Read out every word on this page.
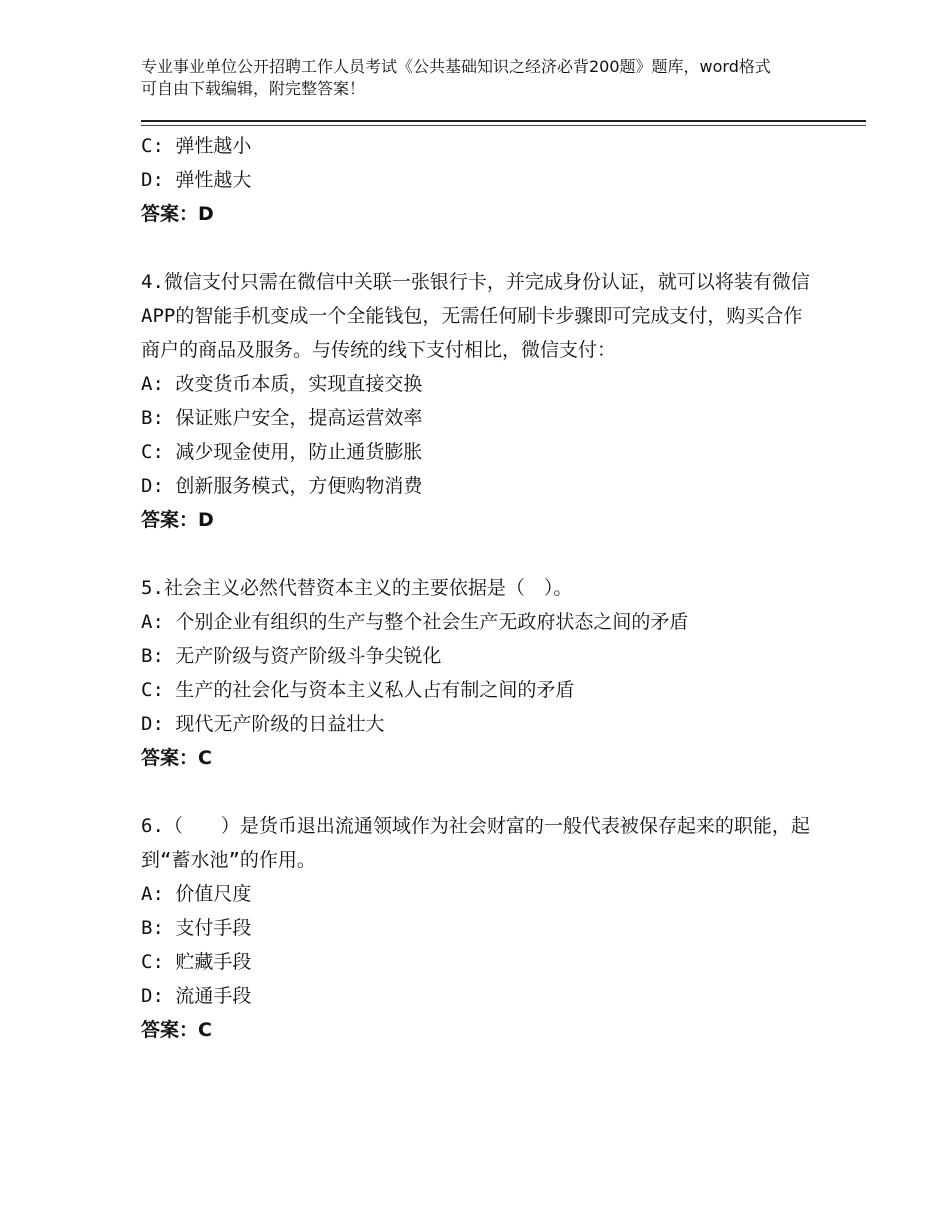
专业事业单位公开招聘工作人员考试《公共基础知识之经济必背200题》题库，word格式可自由下载编辑，附完整答案！
C: 弹性越小
D: 弹性越大
答案：D
4.微信支付只需在微信中关联一张银行卡，并完成身份认证，就可以将装有微信APP的智能手机变成一个全能钱包，无需任何刷卡步骤即可完成支付，购买合作商户的商品及服务。与传统的线下支付相比，微信支付：
A: 改变货币本质，实现直接交换
B: 保证账户安全，提高运营效率
C: 减少现金使用，防止通货膨胀
D: 创新服务模式，方便购物消费
答案：D
5.社会主义必然代替资本主义的主要依据是（　）。
A: 个别企业有组织的生产与整个社会生产无政府状态之间的矛盾
B: 无产阶级与资产阶级斗争尖锐化
C: 生产的社会化与资本主义私人占有制之间的矛盾
D: 现代无产阶级的日益壮大
答案：C
6.（　　）是货币退出流通领域作为社会财富的一般代表被保存起来的职能，起到“蓄水池”的作用。
A: 价值尺度
B: 支付手段
C: 贮藏手段
D: 流通手段
答案：C
